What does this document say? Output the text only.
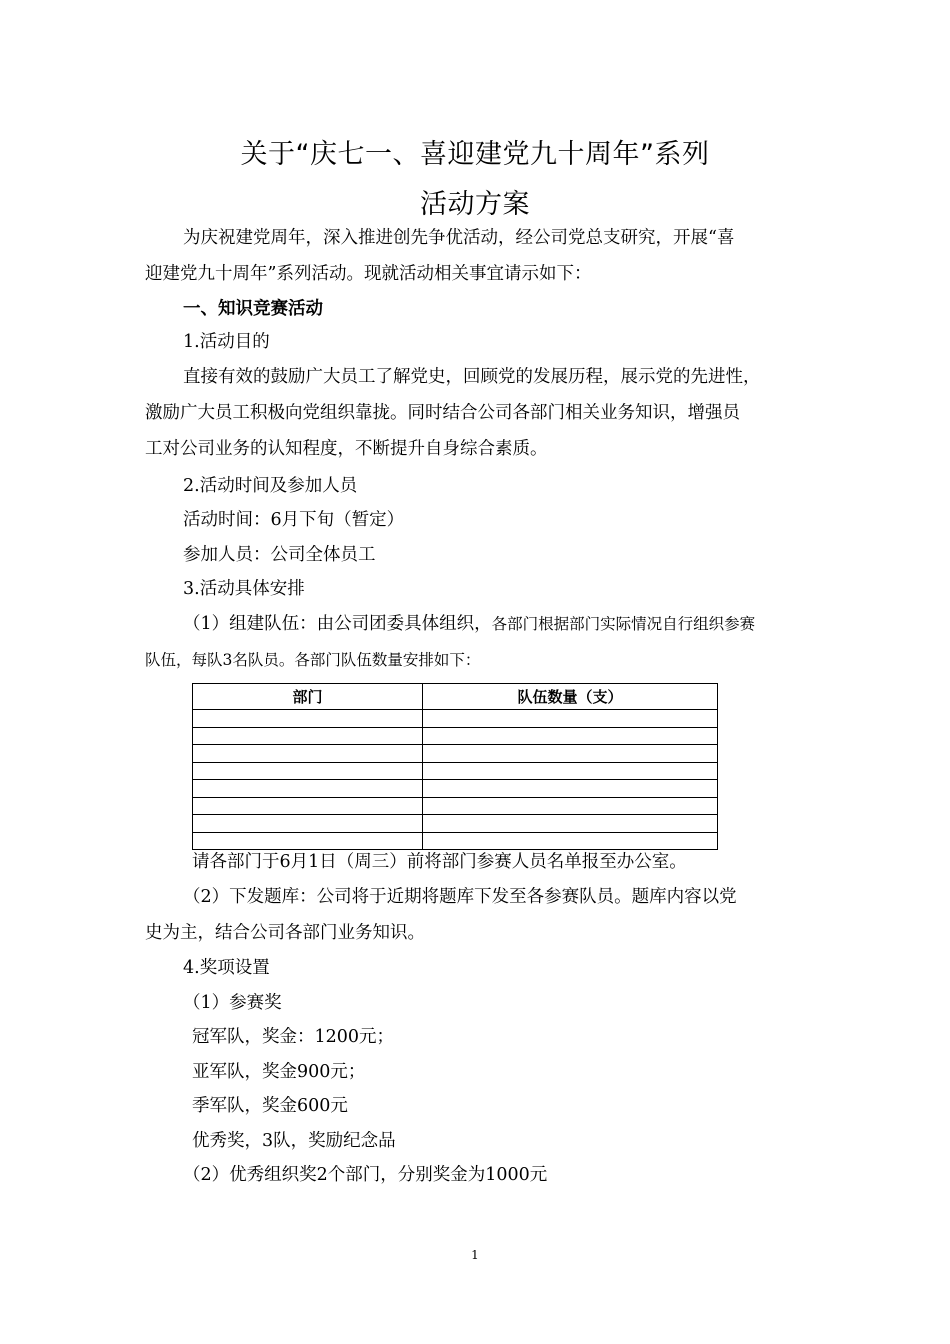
关于“庆七一、喜迎建党九十周年”系列
活动方案
为庆祝建党周年，深入推进创先争优活动，经公司党总支研究，开展“喜
迎建党九十周年”系列活动。现就活动相关事宜请示如下：
一、知识竞赛活动
1.活动目的
直接有效的鼓励广大员工了解党史，回顾党的发展历程，展示党的先进性，
激励广大员工积极向党组织靠拢。同时结合公司各部门相关业务知识，增强员
工对公司业务的认知程度，不断提升自身综合素质。
2.活动时间及参加人员
活动时间：6月下旬（暂定）
参加人员：公司全体员工
3.活动具体安排
（1）组建队伍：由公司团委具体组织，各部门根据部门实际情况自行组织参赛
队伍，每队3名队员。各部门队伍数量安排如下：
部门	队伍数量（支）

请各部门于6月1日（周三）前将部门参赛人员名单报至办公室。
（2）下发题库：公司将于近期将题库下发至各参赛队员。题库内容以党
史为主，结合公司各部门业务知识。
4.奖项设置
（1）参赛奖
冠军队，奖金：1200元；
亚军队，奖金900元；
季军队，奖金600元
优秀奖，3队，奖励纪念品
（2）优秀组织奖2个部门，分别奖金为1000元
1
